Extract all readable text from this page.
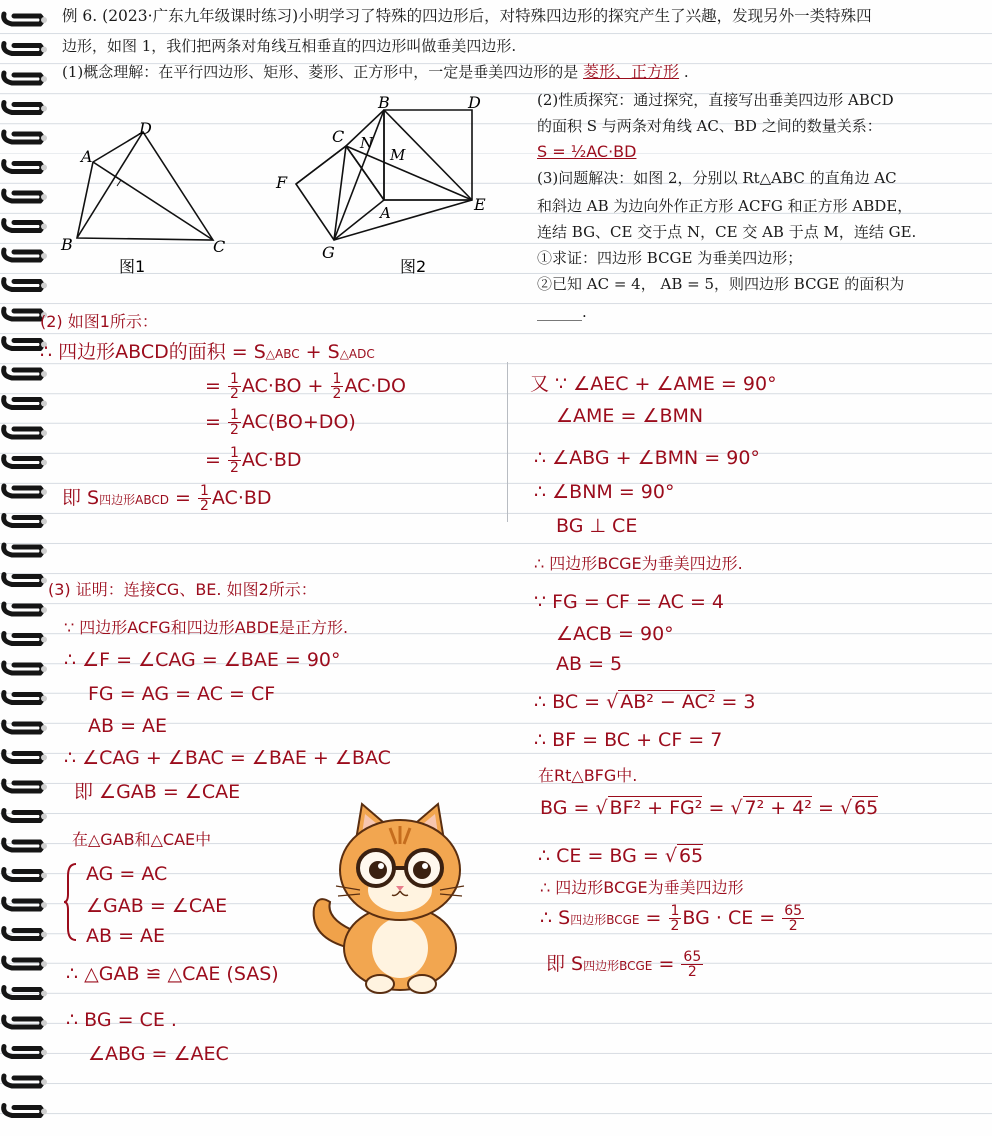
例 6. (2023·广东九年级课时练习)小明学习了特殊的四边形后，对特殊四边形的探究产生了兴趣，发现另外一类特殊四
边形，如图 1，我们把两条对角线互相垂直的四边形叫做垂美四边形.
(1)概念理解：在平行四边形、矩形、菱形、正方形中，一定是垂美四边形的是 菱形、正方形 .
(2)性质探究：通过探究，直接写出垂美四边形 ABCD
的面积 S 与两条对角线 AC、BD 之间的数量关系：
S = ½AC·BD
(3)问题解决：如图 2，分别以 Rt△ABC 的直角边 AC
和斜边 AB 为边向外作正方形 ACFG 和正方形 ABDE，
连结 BG、CE 交于点 N，CE 交 AB 于点 M，连结 GE.
①求证：四边形 BCGE 为垂美四边形；
②已知 AC = 4， AB = 5，则四边形 BCGE 的面积为
______.
A
D
B	C
图1
B	D
C N
M
F
A	E
G
图2
(2) 如图1所示：
∴ 四边形ABCD的面积 = S△ABC + S△ADC
= $\frac{1}{2} AC\cdot BO + \frac{1}{2} AC\cdot DO$
= $\frac{1}{2} AC(BO+DO)$
= $\frac{1}{2} AC\cdot BD$
即 S四边形ABCD = $\frac{1}{2} AC\cdot BD$
(3) 证明：连接CG、BE. 如图2所示：
∵ 四边形ACFG和四边形ABDE是正方形.
∴ ∠F = ∠CAG = ∠BAE = 90°
FG = AG = AC = CF
AB = AE
∴ ∠CAG + ∠BAC = ∠BAE + ∠BAC
即 ∠GAB = ∠CAE
在△GAB和△CAE中
AG = AC
∠GAB = ∠CAE
AB = AE
∴ △GAB ≌ △CAE (SAS)
∴ BG = CE .
∠ABG = ∠AEC
又 ∵ ∠AEC + ∠AME = 90°
∠AME = ∠BMN
∴ ∠ABG + ∠BMN = 90°
∴ ∠BNM = 90°
BG ⊥ CE
∴ 四边形BCGE为垂美四边形.
∵ FG = CF = AC = 4
∠ACB = 90°
AB = 5
∴ BC = √ AB² − AC² = 3
∴ BF = BC + CF = 7
在Rt△BFG中.
BG = √ BF² + FG² = √ 7² + 4² = √ 65
∴ CE = BG = √ 65
∴ 四边形BCGE为垂美四边形
∴ S四边形BCGE = $\frac{1}{2}$ BG · CE = $\frac{65}{2}$
即 S四边形BCGE = $\frac{65}{2}$
